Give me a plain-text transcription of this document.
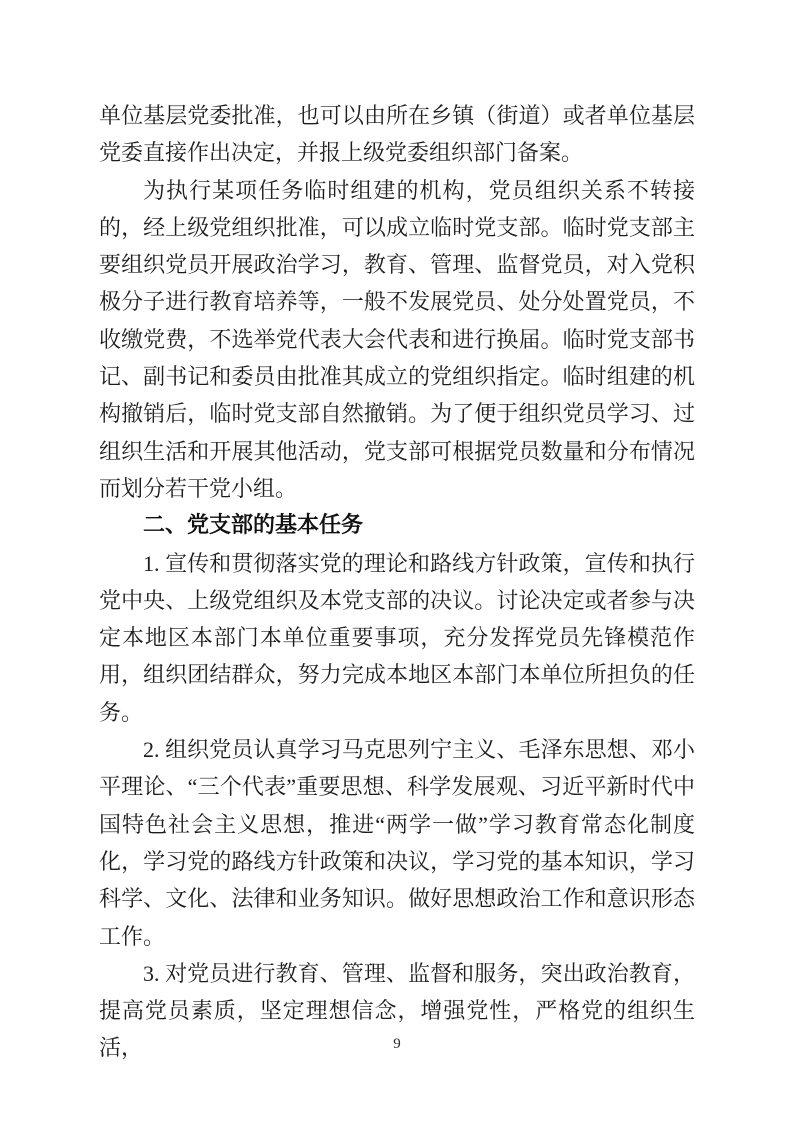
单位基层党委批准，也可以由所在乡镇（街道）或者单位基层党委直接作出决定，并报上级党委组织部门备案。

为执行某项任务临时组建的机构，党员组织关系不转接的，经上级党组织批准，可以成立临时党支部。临时党支部主要组织党员开展政治学习，教育、管理、监督党员，对入党积极分子进行教育培养等，一般不发展党员、处分处置党员，不收缴党费，不选举党代表大会代表和进行换届。临时党支部书记、副书记和委员由批准其成立的党组织指定。临时组建的机构撤销后，临时党支部自然撤销。为了便于组织党员学习、过组织生活和开展其他活动，党支部可根据党员数量和分布情况而划分若干党小组。

二、党支部的基本任务

1. 宣传和贯彻落实党的理论和路线方针政策，宣传和执行党中央、上级党组织及本党支部的决议。讨论决定或者参与决定本地区本部门本单位重要事项，充分发挥党员先锋模范作用，组织团结群众，努力完成本地区本部门本单位所担负的任务。

2. 组织党员认真学习马克思列宁主义、毛泽东思想、邓小平理论、“三个代表”重要思想、科学发展观、习近平新时代中国特色社会主义思想，推进“两学一做”学习教育常态化制度化，学习党的路线方针政策和决议，学习党的基本知识，学习科学、文化、法律和业务知识。做好思想政治工作和意识形态工作。

3. 对党员进行教育、管理、监督和服务，突出政治教育，提高党员素质，坚定理想信念，增强党性，严格党的组织生活，	9
